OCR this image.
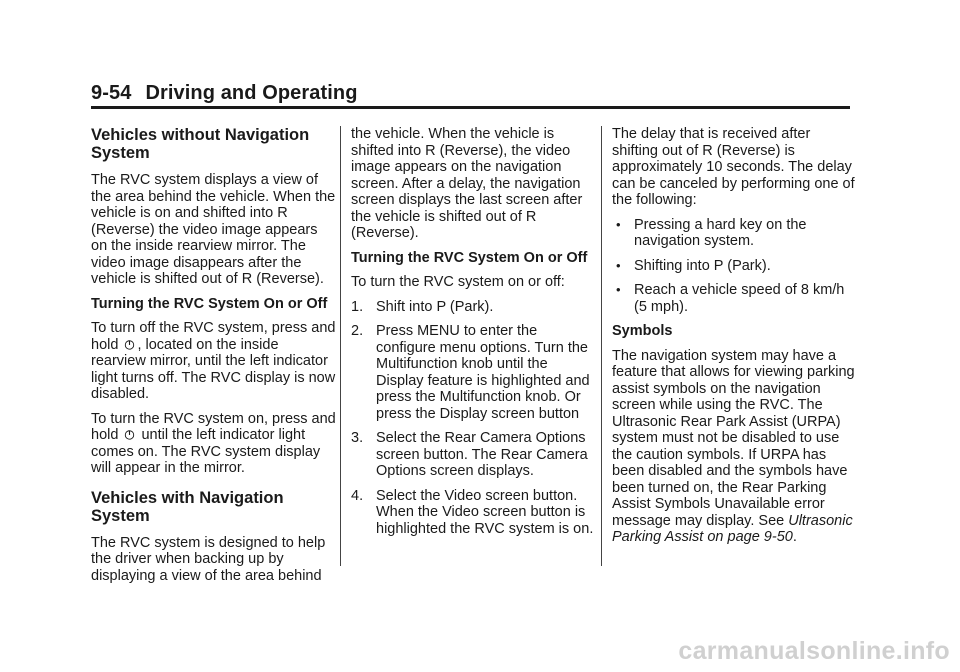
9-54 Driving and Operating
Vehicles without Navigation System

The RVC system displays a view of the area behind the vehicle. When the vehicle is on and shifted into R (Reverse) the video image appears on the inside rearview mirror. The video image disappears after the vehicle is shifted out of R (Reverse).

Turning the RVC System On or Off

To turn off the RVC system, press and hold , located on the inside rearview mirror, until the left indicator light turns off. The RVC display is now disabled.

To turn the RVC system on, press and hold until the left indicator light comes on. The RVC system display will appear in the mirror.

Vehicles with Navigation System

The RVC system is designed to help the driver when backing up by displaying a view of the area behind

the vehicle. When the vehicle is shifted into R (Reverse), the video image appears on the navigation screen. After a delay, the navigation screen displays the last screen after the vehicle is shifted out of R (Reverse).

Turning the RVC System On or Off

To turn the RVC system on or off:

1. Shift into P (Park).
2. Press MENU to enter the configure menu options. Turn the Multifunction knob until the Display feature is highlighted and press the Multifunction knob. Or press the Display screen button
3. Select the Rear Camera Options screen button. The Rear Camera Options screen displays.
4. Select the Video screen button. When the Video screen button is highlighted the RVC system is on.

The delay that is received after shifting out of R (Reverse) is approximately 10 seconds. The delay can be canceled by performing one of the following:

• Pressing a hard key on the navigation system.
• Shifting into P (Park).
• Reach a vehicle speed of 8 km/h (5 mph).
Symbols

The navigation system may have a feature that allows for viewing parking assist symbols on the navigation screen while using the RVC. The Ultrasonic Rear Park Assist (URPA) system must not be disabled to use the caution symbols. If URPA has been disabled and the symbols have been turned on, the Rear Parking Assist Symbols Unavailable error message may display. See Ultrasonic Parking Assist on page 9-50.

carmanualsonline.info
